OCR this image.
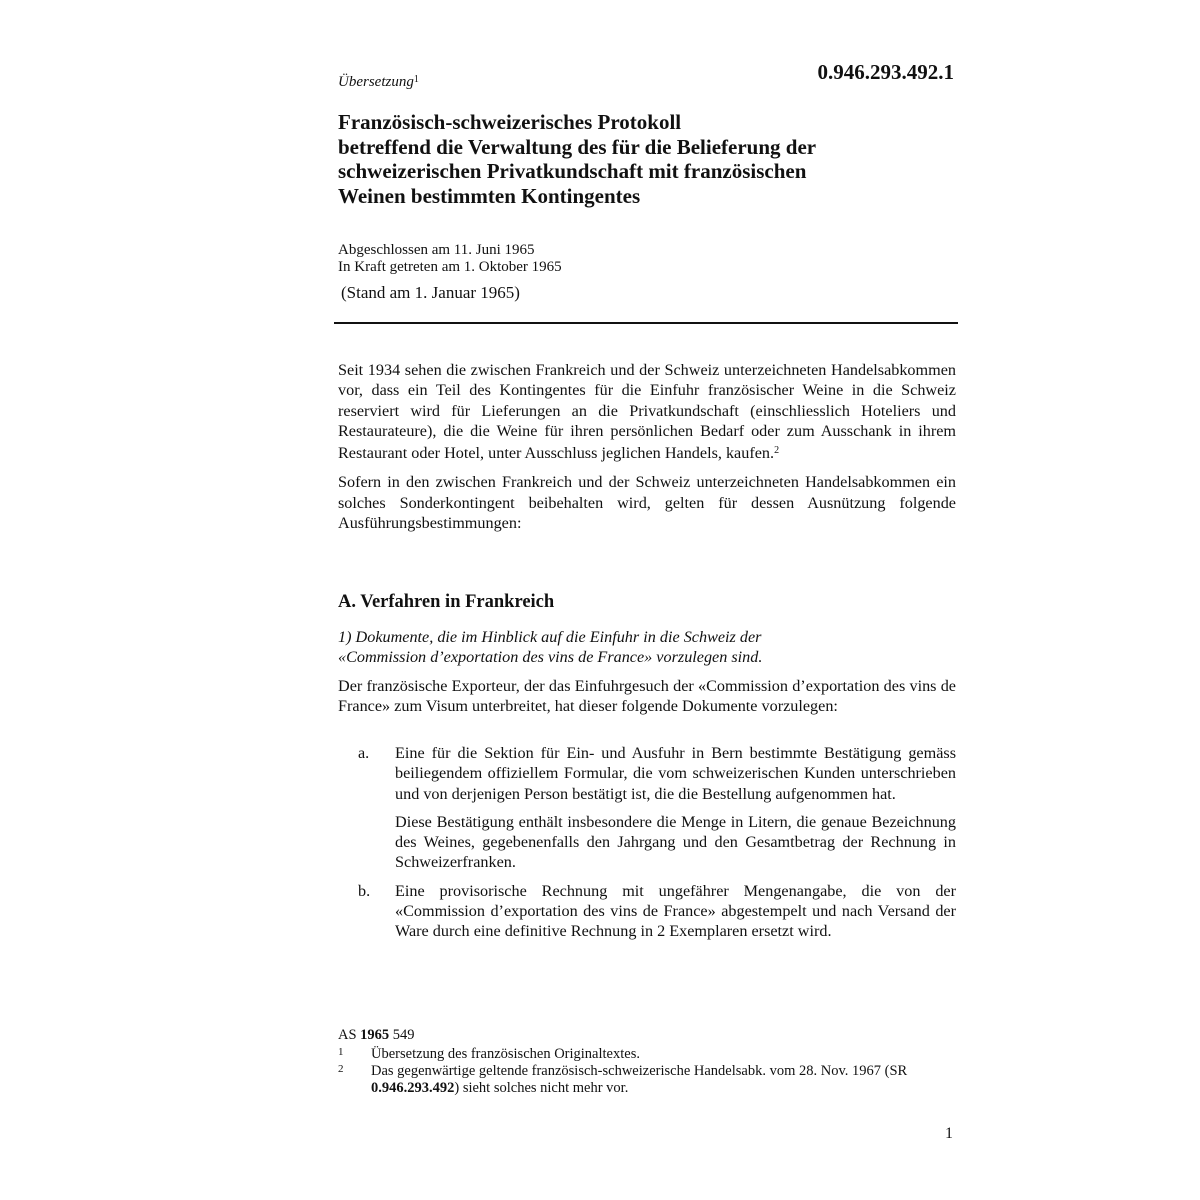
Übersetzung$^1$	0.946.293.492.1
Französisch-schweizerisches Protokoll
betreffend die Verwaltung des für die Belieferung der
schweizerischen Privatkundschaft mit französischen
Weinen bestimmten Kontingentes
Abgeschlossen am 11. Juni 1965
In Kraft getreten am 1. Oktober 1965
(Stand am 1. Januar 1965)

Seit 1934 sehen die zwischen Frankreich und der Schweiz unterzeichneten Handelsabkommen vor, dass ein Teil des Kontingentes für die Einfuhr französischer Weine in die Schweiz reserviert wird für Lieferungen an die Privatkundschaft (einschliesslich Hoteliers und Restaurateure), die die Weine für ihren persönlichen Bedarf oder zum Ausschank in ihrem Restaurant oder Hotel, unter Ausschluss jeglichen Handels, kaufen.$^2$

Sofern in den zwischen Frankreich und der Schweiz unterzeichneten Handelsabkommen ein solches Sonderkontingent beibehalten wird, gelten für dessen Ausnützung folgende Ausführungsbestimmungen:

A. Verfahren in Frankreich
1) Dokumente, die im Hinblick auf die Einfuhr in die Schweiz der
«Commission d’exportation des vins de France» vorzulegen sind.

Der französische Exporteur, der das Einfuhrgesuch der «Commission d’exportation des vins de France» zum Visum unterbreitet, hat dieser folgende Dokumente vorzulegen:

a. Eine für die Sektion für Ein- und Ausfuhr in Bern bestimmte Bestätigung gemäss beiliegendem offiziellem Formular, die vom schweizerischen Kunden unterschrieben und von derjenigen Person bestätigt ist, die die Bestellung aufgenommen hat.

Diese Bestätigung enthält insbesondere die Menge in Litern, die genaue Bezeichnung des Weines, gegebenenfalls den Jahrgang und den Gesamtbetrag der Rechnung in Schweizerfranken.

b. Eine provisorische Rechnung mit ungefährer Mengenangabe, die von der «Commission d’exportation des vins de France» abgestempelt und nach Versand der Ware durch eine definitive Rechnung in 2 Exemplaren ersetzt wird.

AS 1965 549
1 Übersetzung des französischen Originaltextes.
2 Das gegenwärtige geltende französisch-schweizerische Handelsabk. vom 28. Nov. 1967 (SR 0.946.293.492) sieht solches nicht mehr vor.
1
